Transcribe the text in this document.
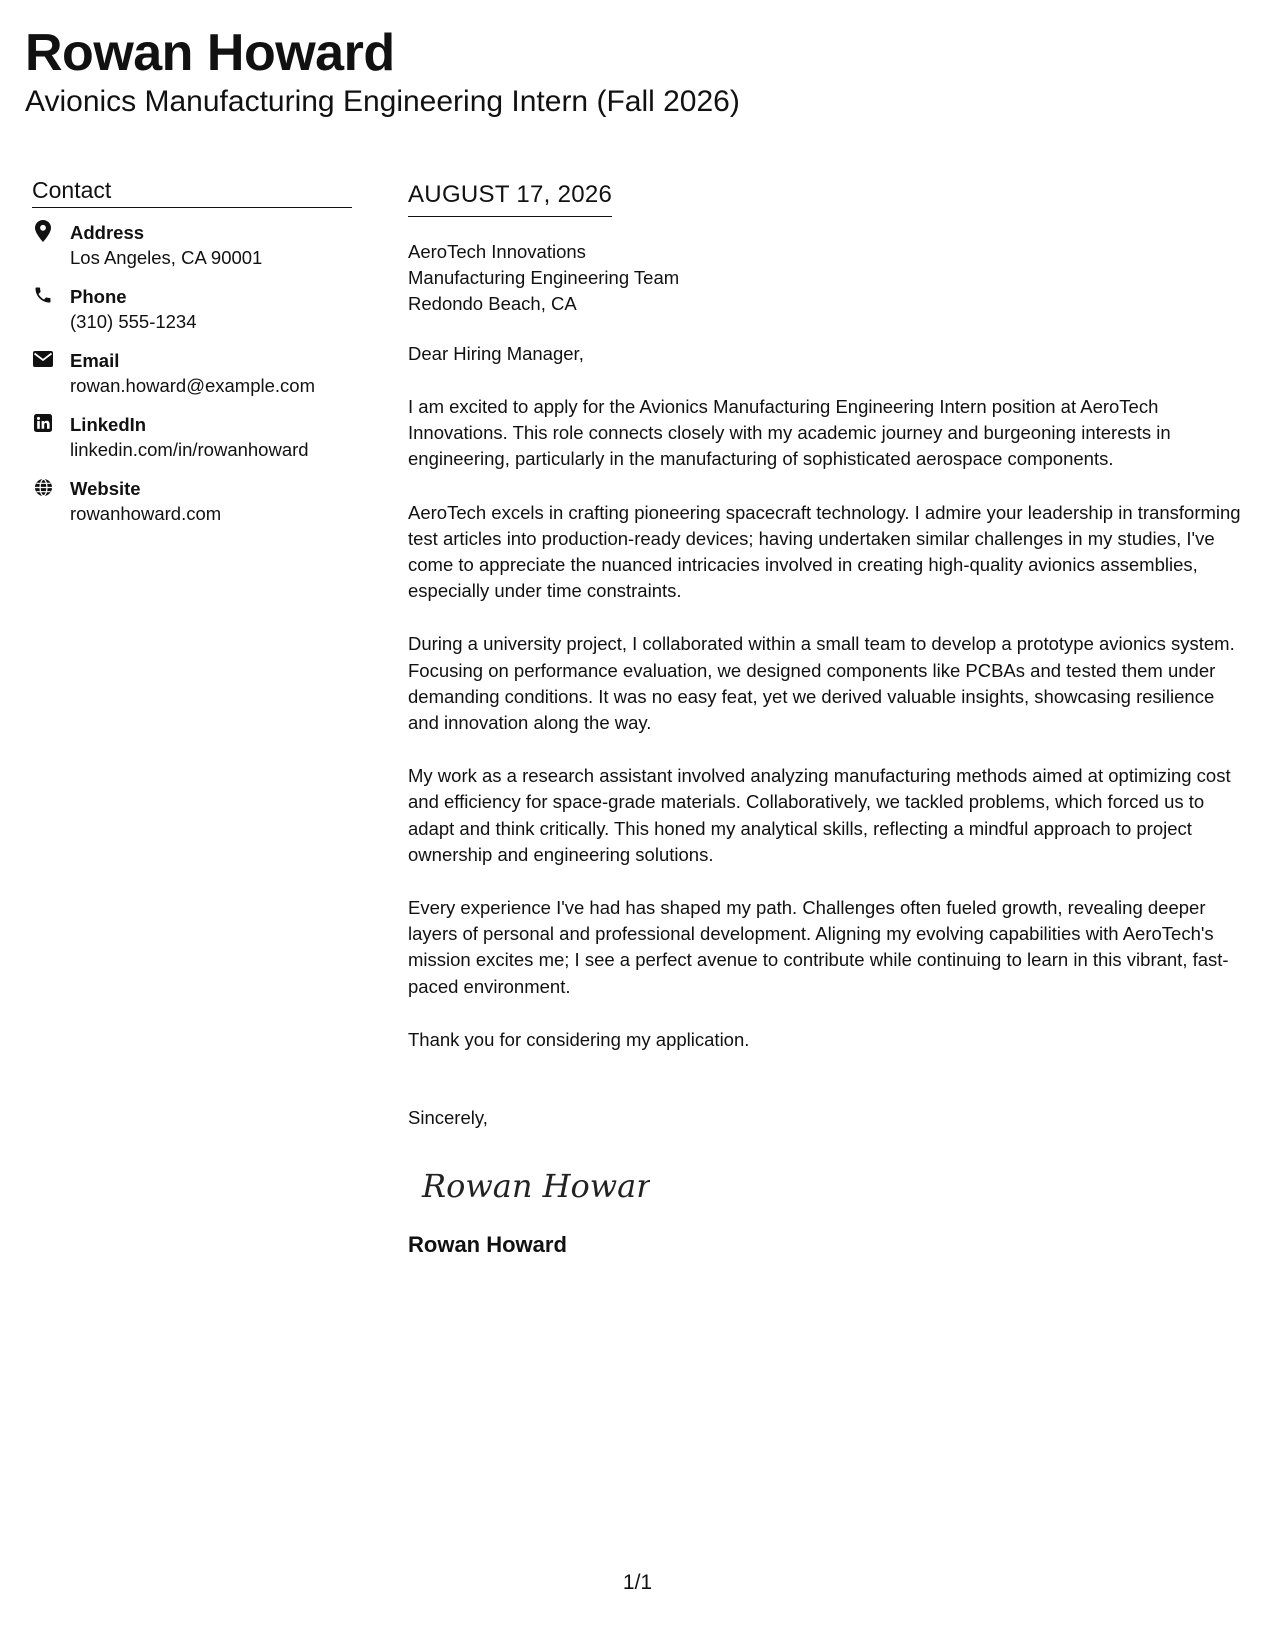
Rowan Howard
Avionics Manufacturing Engineering Intern (Fall 2026)
Contact
Address
Los Angeles, CA 90001
Phone
(310) 555-1234
Email
rowan.howard@example.com
LinkedIn
linkedin.com/in/rowanhoward
Website
rowanhoward.com
AUGUST 17, 2026
AeroTech Innovations
Manufacturing Engineering Team
Redondo Beach, CA
Dear Hiring Manager,
I am excited to apply for the Avionics Manufacturing Engineering Intern position at AeroTech Innovations. This role connects closely with my academic journey and burgeoning interests in engineering, particularly in the manufacturing of sophisticated aerospace components.
AeroTech excels in crafting pioneering spacecraft technology. I admire your leadership in transforming test articles into production-ready devices; having undertaken similar challenges in my studies, I've come to appreciate the nuanced intricacies involved in creating high-quality avionics assemblies, especially under time constraints.
During a university project, I collaborated within a small team to develop a prototype avionics system. Focusing on performance evaluation, we designed components like PCBAs and tested them under demanding conditions. It was no easy feat, yet we derived valuable insights, showcasing resilience and innovation along the way.
My work as a research assistant involved analyzing manufacturing methods aimed at optimizing cost and efficiency for space-grade materials. Collaboratively, we tackled problems, which forced us to adapt and think critically. This honed my analytical skills, reflecting a mindful approach to project ownership and engineering solutions.
Every experience I've had has shaped my path. Challenges often fueled growth, revealing deeper layers of personal and professional development. Aligning my evolving capabilities with AeroTech's mission excites me; I see a perfect avenue to contribute while continuing to learn in this vibrant, fast-paced environment.
Thank you for considering my application.
Sincerely,
Rowan Howard
Rowan Howard
1/1
